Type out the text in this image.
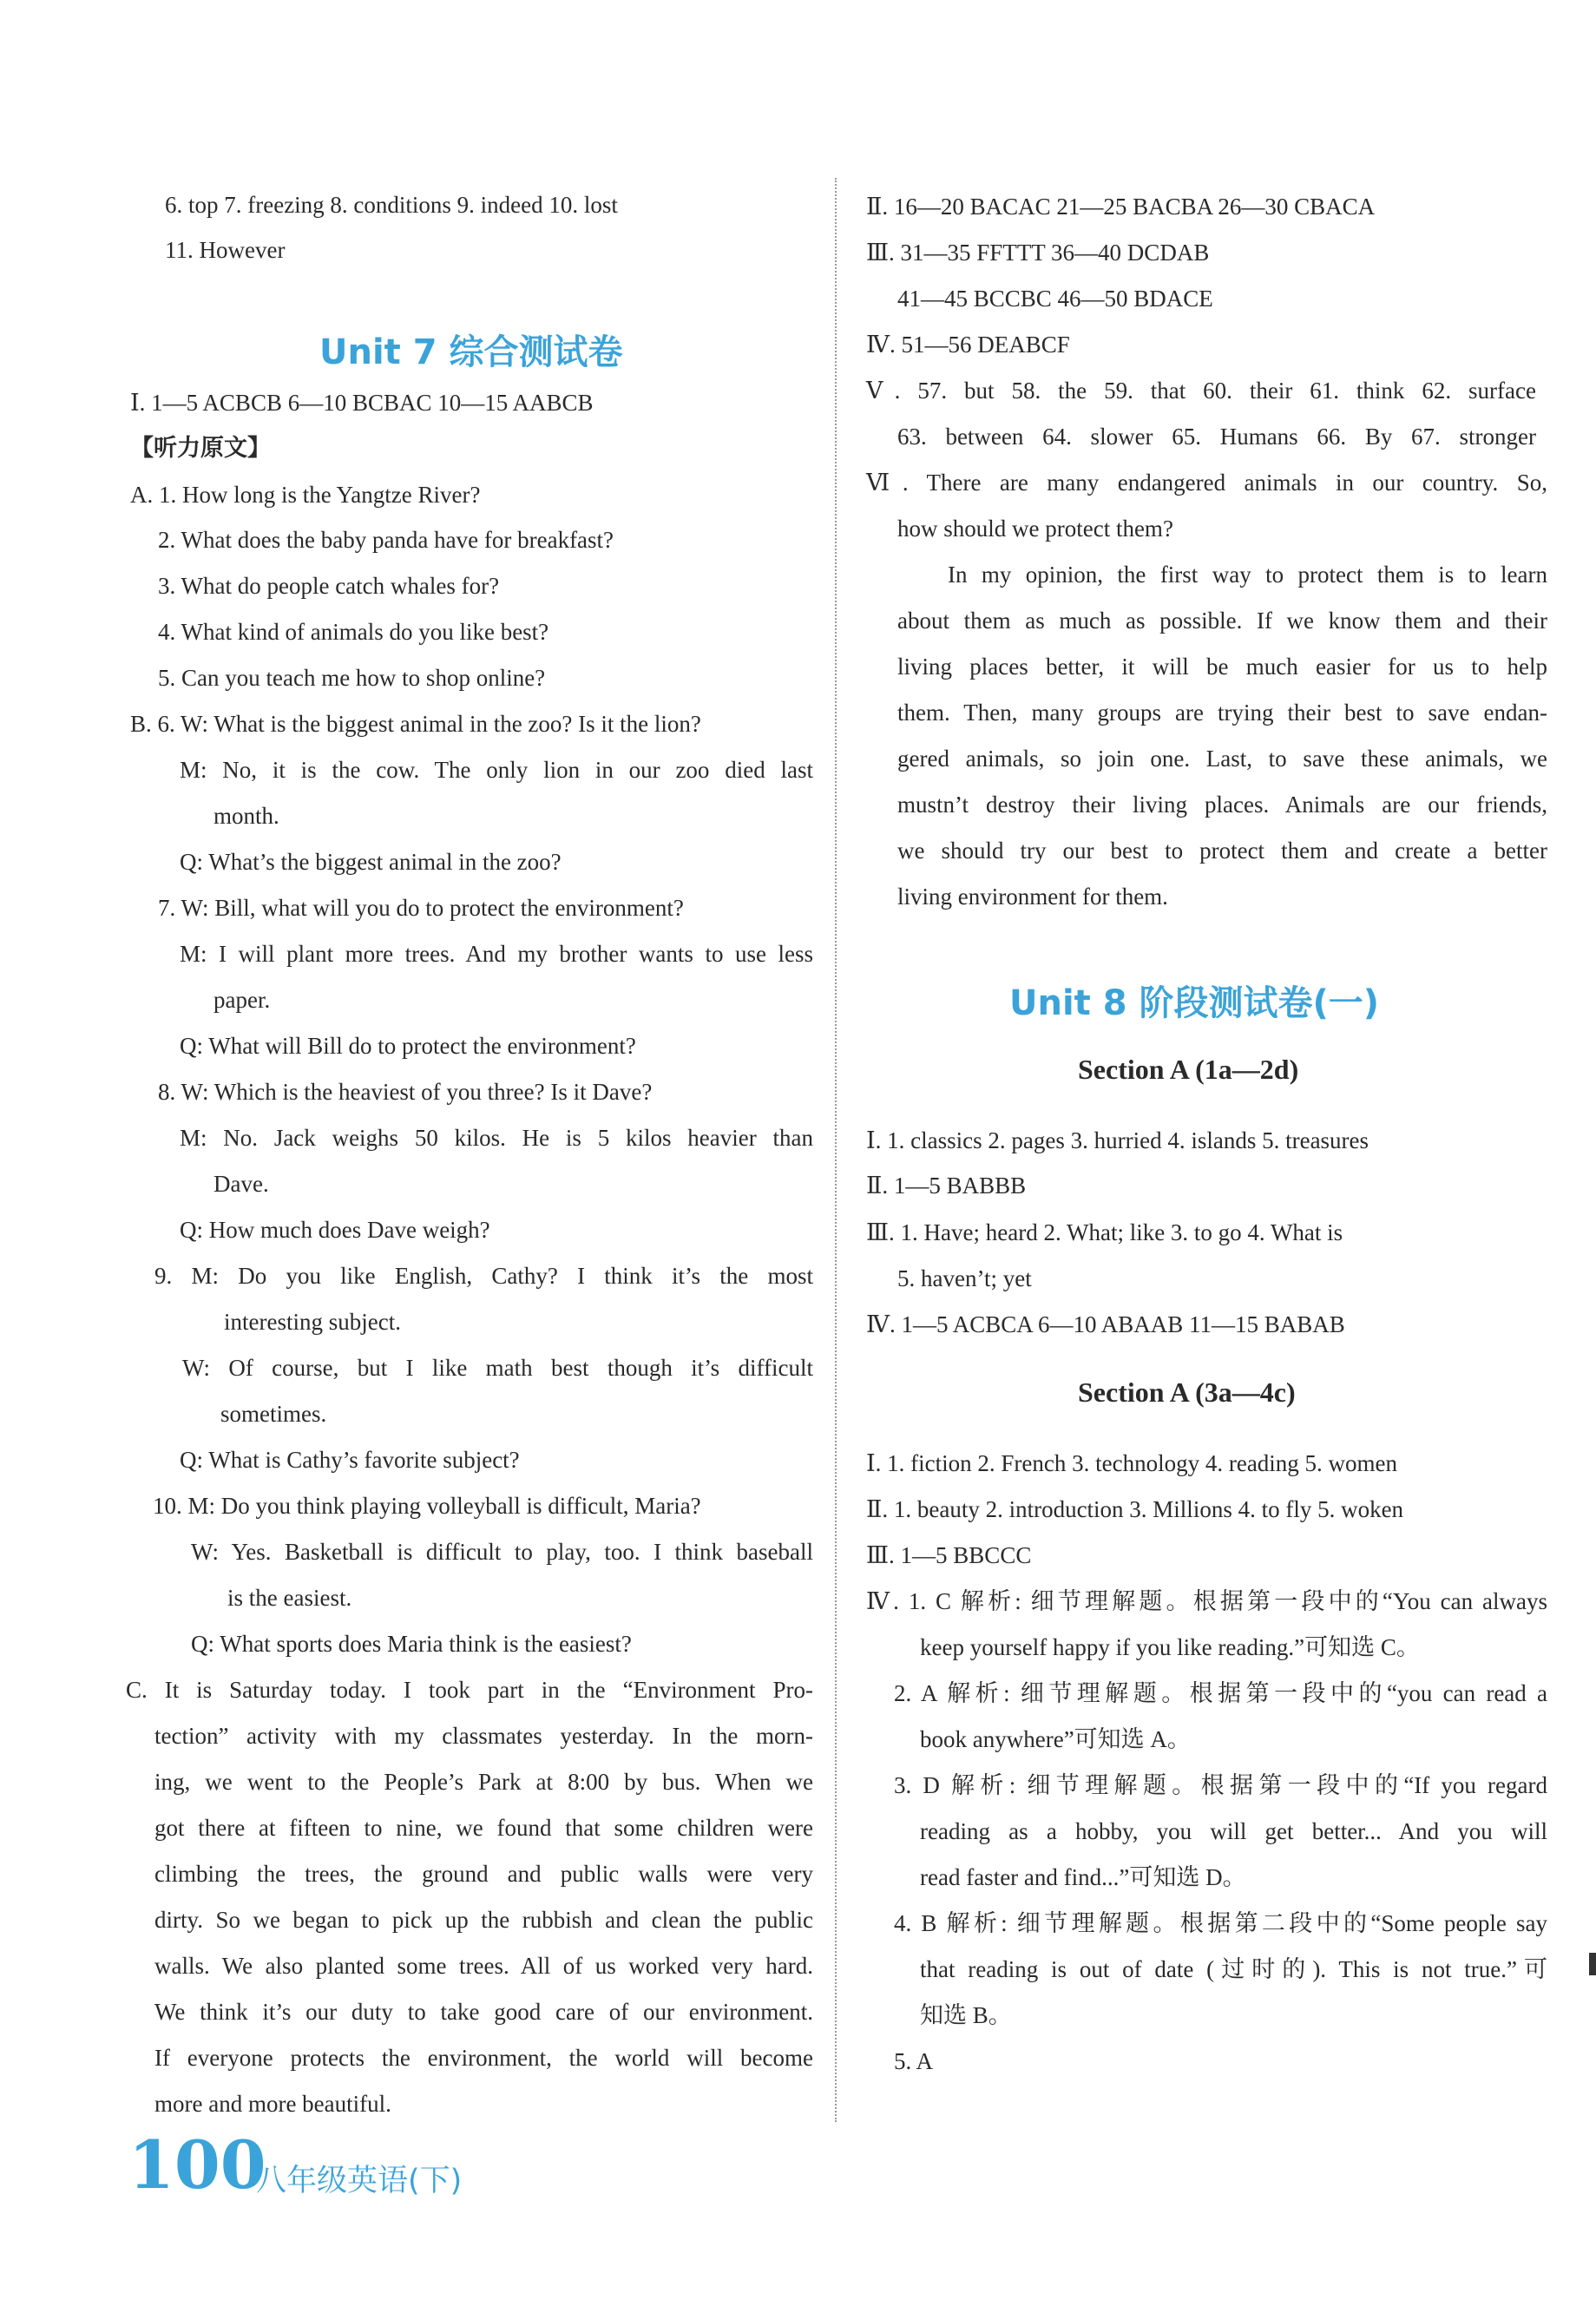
6. top 7. freezing 8. conditions 9. indeed 10. lost
11. However
Unit 7 综合测试卷
Ⅰ. 1—5 ACBCB 6—10 BCBAC 10—15 AABCB
【听力原文】
A. 1. How long is the Yangtze River?
2. What does the baby panda have for breakfast?
3. What do people catch whales for?
4. What kind of animals do you like best?
5. Can you teach me how to shop online?
B. 6. W: What is the biggest animal in the zoo? Is it the lion?
M: No, it is the cow. The only lion in our zoo died last
month.
Q: What’s the biggest animal in the zoo?
7. W: Bill, what will you do to protect the environment?
M: I will plant more trees. And my brother wants to use less
paper.
Q: What will Bill do to protect the environment?
8. W: Which is the heaviest of you three? Is it Dave?
M: No. Jack weighs 50 kilos. He is 5 kilos heavier than
Dave.
Q: How much does Dave weigh?
9. M: Do you like English, Cathy? I think it’s the most
interesting subject.
W: Of course, but I like math best though it’s difficult
sometimes.
Q: What is Cathy’s favorite subject?
10. M: Do you think playing volleyball is difficult, Maria?
W: Yes. Basketball is difficult to play, too. I think baseball
is the easiest.
Q: What sports does Maria think is the easiest?
C. It is Saturday today. I took part in the “Environment Pro-
tection” activity with my classmates yesterday. In the morn-
ing, we went to the People’s Park at 8:00 by bus. When we
got there at fifteen to nine, we found that some children were
climbing the trees, the ground and public walls were very
dirty. So we began to pick up the rubbish and clean the public
walls. We also planted some trees. All of us worked very hard.
We think it’s our duty to take good care of our environment.
If everyone protects the environment, the world will become
more and more beautiful.
Ⅱ. 16—20 BACAC 21—25 BACBA 26—30 CBACA
Ⅲ. 31—35 FFTTT 36—40 DCDAB
41—45 BCCBC 46—50 BDACE
Ⅳ. 51—56 DEABCF
Ⅴ. 57. but 58. the 59. that 60. their 61. think 62. surface
63. between 64. slower 65. Humans 66. By 67. stronger
Ⅵ. There are many endangered animals in our country. So,
how should we protect them?
In my opinion, the first way to protect them is to learn
about them as much as possible. If we know them and their
living places better, it will be much easier for us to help
them. Then, many groups are trying their best to save endan-
gered animals, so join one. Last, to save these animals, we
mustn’t destroy their living places. Animals are our friends,
we should try our best to protect them and create a better
living environment for them.
Unit 8 阶段测试卷(一)
Section A (1a—2d)
Ⅰ. 1. classics 2. pages 3. hurried 4. islands 5. treasures
Ⅱ. 1—5 BABBB
Ⅲ. 1. Have; heard 2. What; like 3. to go 4. What is
5. haven’t; yet
Ⅳ. 1—5 ACBCA 6—10 ABAAB 11—15 BABAB
Section A (3a—4c)
Ⅰ. 1. fiction 2. French 3. technology 4. reading 5. women
Ⅱ. 1. beauty 2. introduction 3. Millions 4. to fly 5. woken
Ⅲ. 1—5 BBCCC
Ⅳ. 1. C 解析: 细节理解题。根据第一段中的“You can always
keep yourself happy if you like reading.”可知选 C。
2. A 解析: 细节理解题。根据第一段中的“you can read a
book anywhere”可知选 A。
3. D 解析: 细节理解题。根据第一段中的“If you regard
reading as a hobby, you will get better... And you will
read faster and find...”可知选 D。
4. B 解析: 细节理解题。根据第二段中的“Some people say
that reading is out of date (过时的). This is not true.”可
知选 B。
5. A
100
八年级英语(下)
